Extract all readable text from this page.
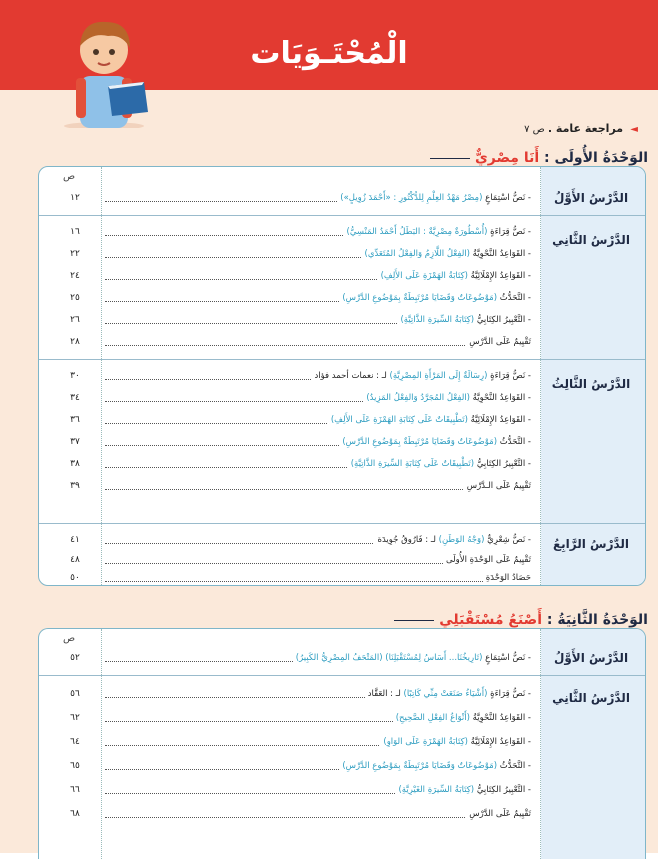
الْمُحْتَـوَيَات
◄ مراجعة عامة . ص ٧
الوَحْدَةُ الأُولَى : أَنَا مِصْرِيٌّ
ص
الدَّرْسُ الأَوَّلُ
- نَصُّ اسْتِمَاعٍ (مِصْرُ مَهْدُ العِلْمِ لِلدُّكْتُورِ : «أَحْمَدَ زُوِيلٍ»)
١٢
الدَّرْسُ الثَّانِي
- نَصُّ قِرَاءَةٍ (أُسْطُورَةٌ مِصْرِيَّةٌ : البَطَلُ أَحْمَدُ المَنْسِيُّ)
١٦
- القَوَاعِدُ النَّحْوِيَّةُ (الفِعْلُ اللَّازِمُ وَالفِعْلُ المُتَعَدِّي)
٢٢
- القَوَاعِدُ الإِمْلَائِيَّةُ (كِتَابَةُ الهَمْزَةِ عَلَى الأَلِفِ)
٢٤
- التَّحَدُّثُ (مَوْضُوعَاتٌ وَقَضَايَا مُرْتَبِطَةٌ بِمَوْضُوعِ الدَّرْسِ)
٢٥
- التَّعْبِيرُ الكِتَابِيُّ (كِتَابَةُ السِّيرَةِ الذَّاتِيَّةِ)
٢٦
تَقْيِيمٌ عَلَى الدَّرْسِ
٢٨
الدَّرْسُ الثَّالِثُ
- نَصُّ قِرَاءَةٍ (رِسَالَةٌ إِلَى المَرْأَةِ المِصْرِيَّةِ) لـ : نعمات أحمد فؤاد
٣٠
- القَوَاعِدُ النَّحْوِيَّةُ (الفِعْلُ المُجَرَّدُ وَالفِعْلُ المَزِيدُ)
٣٤
- القَوَاعِدُ الإِمْلَائِيَّةُ (تَطْبِيقَاتٌ عَلَى كِتَابَةِ الهَمْزَةِ عَلَى الأَلِفِ)
٣٦
- التَّحَدُّثُ (مَوْضُوعَاتٌ وَقَضَايَا مُرْتَبِطَةٌ بِمَوْضُوعِ الدَّرْسِ)
٣٧
- التَّعْبِيرُ الكِتَابِيُّ (تَطْبِيقَاتٌ عَلَى كِتَابَةِ السِّيرَةِ الذَّاتِيَّةِ)
٣٨
تَقْيِيمٌ عَلَى الـدَّرْسِ
٣٩
الدَّرْسُ الرَّابِعُ
- نَصُّ شِعْرِيٌّ (وَجْهُ الوَطَنِ) لـ : فَارُوقُ جُوِيدَة
٤١
تَقْيِيمٌ عَلَى الوَحْدَةِ الأُولَى
٤٨
حَصَادُ الوَحْدَةِ
٥٠
الوَحْدَةُ الثَّانِيَةُ : أَصْنَعُ مُسْتَقْبَلِي
ص
الدَّرْسُ الأَوَّلُ
- نَصُّ اسْتِمَاعٍ (تَارِيخُنَا... أَسَاسُ لِمُسْتَقْبَلِنَا) (المَتْحَفُ المِصْرِيُّ الكَبِيرُ)
٥٢
الدَّرْسُ الثَّانِي
- نَصُّ قِرَاءَةٍ (أَشْيَاءُ صَنَعَتْ مِنِّي كَاتِبًا) لـ : العَقَّاد
٥٦
- القَوَاعِدُ النَّحْوِيَّةُ (أَنْوَاعُ الفِعْلِ الصَّحِيحِ)
٦٢
- القَوَاعِدُ الإِمْلَائِيَّةُ (كِتَابَةُ الهَمْزَةِ عَلَى الوَاوِ)
٦٤
- التَّحَدُّثُ (مَوْضُوعَاتٌ وَقَضَايَا مُرْتَبِطَةٌ بِمَوْضُوعِ الدَّرْسِ)
٦٥
- التَّعْبِيرُ الكِتَابِيُّ (كِتَابَةُ السِّيرَةِ الغَيْرِيَّةِ)
٦٦
تَقْيِيمٌ عَلَى الدَّرْسِ
٦٨
